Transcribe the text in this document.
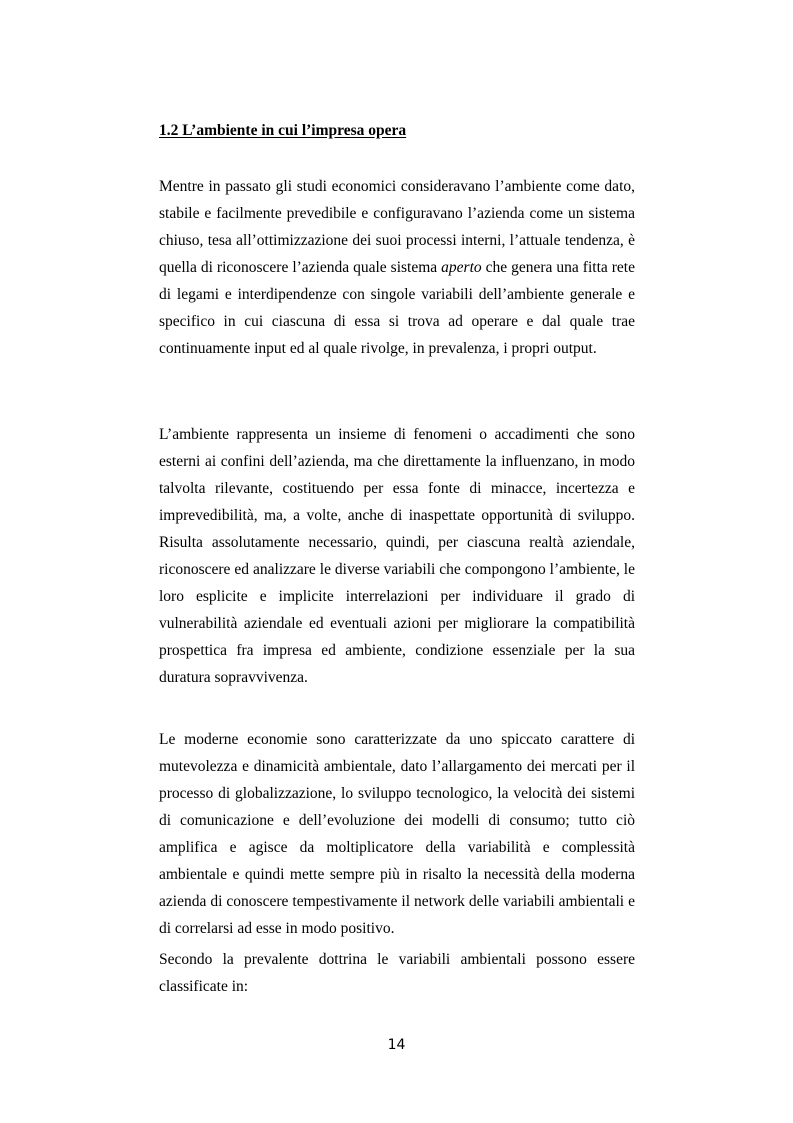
1.2 L’ambiente in cui l’impresa opera

Mentre in passato gli studi economici consideravano l’ambiente come dato, stabile e facilmente prevedibile e configuravano l’azienda come un sistema chiuso, tesa all’ottimizzazione dei suoi processi interni, l’attuale tendenza, è quella di riconoscere l’azienda quale sistema aperto che genera una fitta rete di legami e interdipendenze con singole variabili dell’ambiente generale e specifico in cui ciascuna di essa si trova ad operare e dal quale trae continuamente input ed al quale rivolge, in prevalenza, i propri output.

L’ambiente rappresenta un insieme di fenomeni o accadimenti che sono esterni ai confini dell’azienda, ma che direttamente la influenzano, in modo talvolta rilevante, costituendo per essa fonte di minacce, incertezza e imprevedibilità, ma, a volte, anche di inaspettate opportunità di sviluppo. Risulta assolutamente necessario, quindi, per ciascuna realtà aziendale, riconoscere ed analizzare le diverse variabili che compongono l’ambiente, le loro esplicite e implicite interrelazioni per individuare il grado di vulnerabilità aziendale ed eventuali azioni per migliorare la compatibilità prospettica fra impresa ed ambiente, condizione essenziale per la sua duratura sopravvivenza.

Le moderne economie sono caratterizzate da uno spiccato carattere di mutevolezza e dinamicità ambientale, dato l’allargamento dei mercati per il processo di globalizzazione, lo sviluppo tecnologico, la velocità dei sistemi di comunicazione e dell’evoluzione dei modelli di consumo; tutto ciò amplifica e agisce da moltiplicatore della variabilità e complessità ambientale e quindi mette sempre più in risalto la necessità della moderna azienda di conoscere tempestivamente il network delle variabili ambientali e di correlarsi ad esse in modo positivo.

Secondo la prevalente dottrina le variabili ambientali possono essere classificate in:

14
